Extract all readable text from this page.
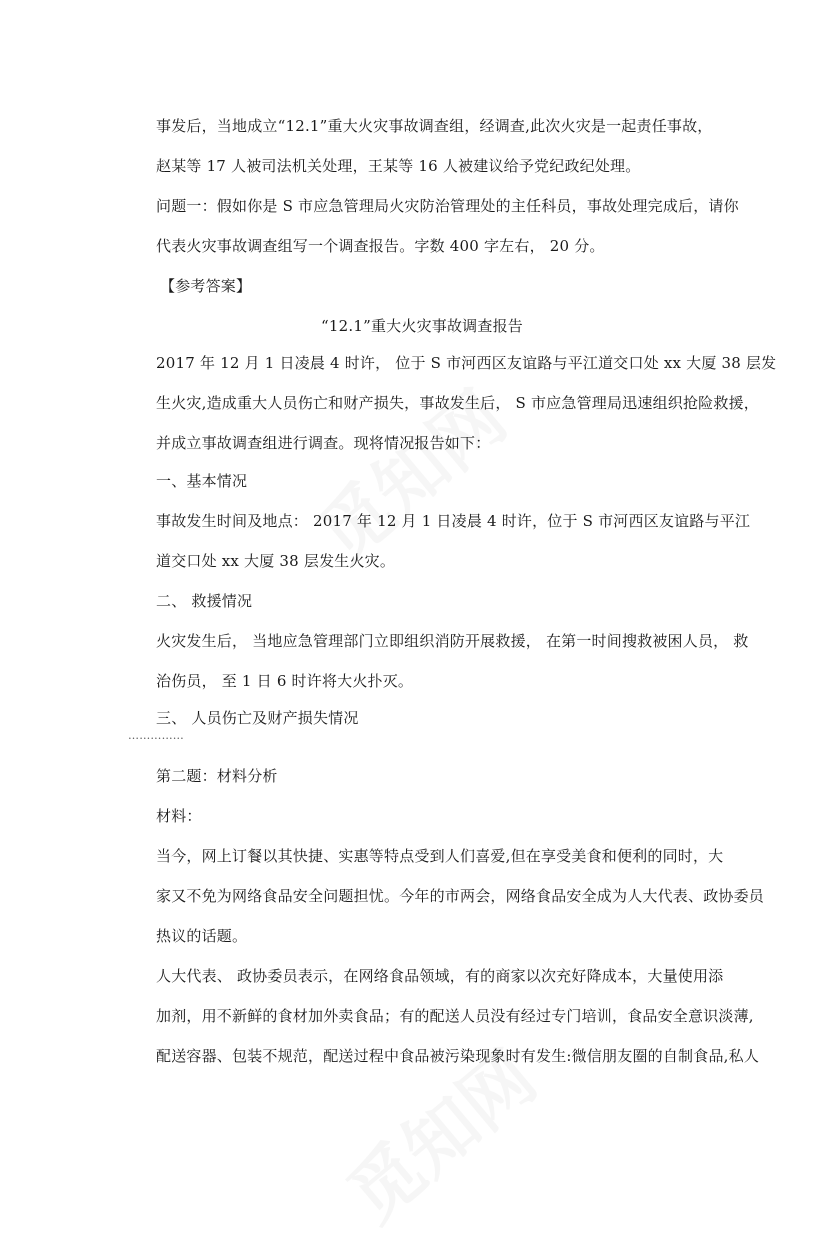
事发后，当地成立“12.1”重大火灾事故调查组，经调查,此次火灾是一起责任事故，
赵某等 17 人被司法机关处理，王某等 16 人被建议给予党纪政纪处理。
问题一：假如你是 S 市应急管理局火灾防治管理处的主任科员，事故处理完成后，请你
代表火灾事故调查组写一个调查报告。字数 400 字左右， 20 分。
【参考答案】
“12.1”重大火灾事故调查报告
2017 年 12 月 1 日凌晨 4 时许， 位于 S 市河西区友谊路与平江道交口处 xx 大厦 38 层发
生火灾,造成重大人员伤亡和财产损失，事故发生后， S 市应急管理局迅速组织抢险救援，
并成立事故调查组进行调查。现将情况报告如下：
一、基本情况
事故发生时间及地点： 2017 年 12 月 1 日凌晨 4 时许，位于 S 市河西区友谊路与平江
道交口处 xx 大厦 38 层发生火灾。
二、 救援情况
火灾发生后， 当地应急管理部门立即组织消防开展救援， 在第一时间搜救被困人员， 救
治伤员， 至 1 日 6 时许将大火扑灭。
三、 人员伤亡及财产损失情况
……………
第二题：材料分析
材料：
当今，网上订餐以其快捷、实惠等特点受到人们喜爱,但在享受美食和便利的同时，大
家又不免为网络食品安全问题担忧。今年的市两会，网络食品安全成为人大代表、政协委员
热议的话题。
人大代表、 政协委员表示，在网络食品领域，有的商家以次充好降成本，大量使用添
加剂，用不新鲜的食材加外卖食品；有的配送人员没有经过专门培训，食品安全意识淡薄,
配送容器、包装不规范，配送过程中食品被污染现象时有发生:微信朋友圈的自制食品,私人
